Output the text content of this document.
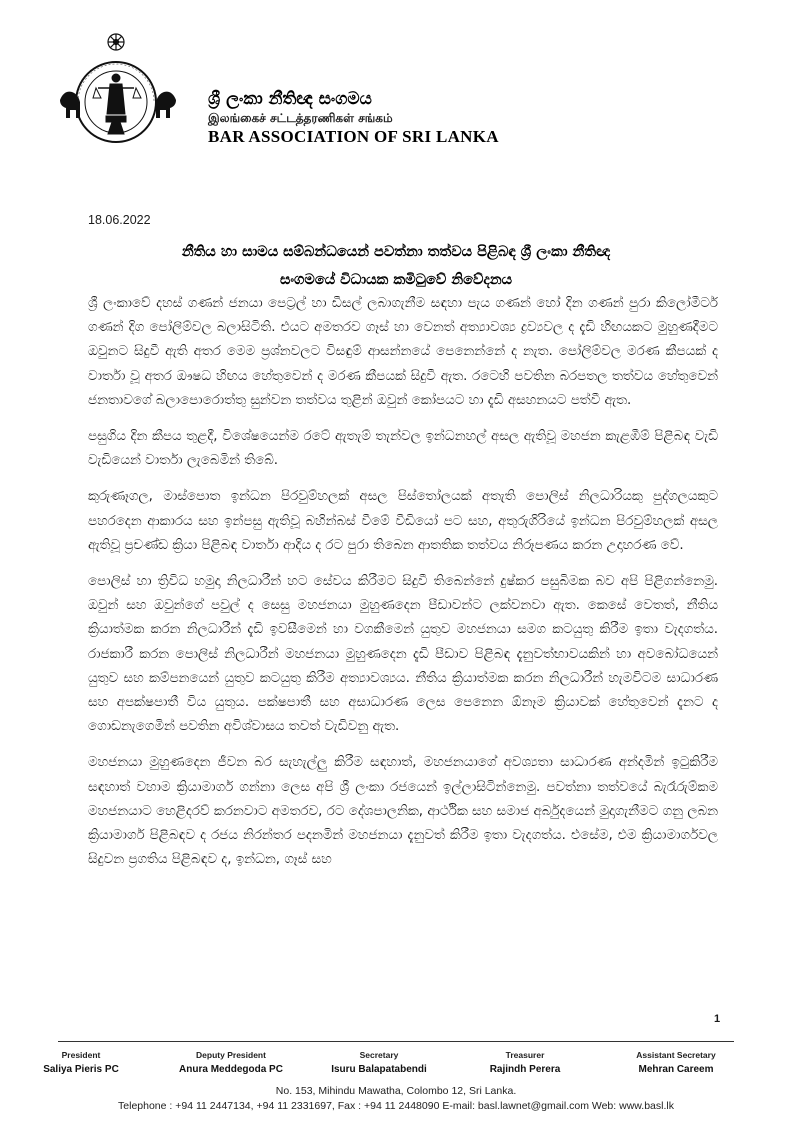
ශ්‍රී ලංකා නීතිඥ සංගමය
இலங்கைச் சட்டத்தரணிகள் சங்கம்
BAR ASSOCIATION OF SRI LANKA
18.06.2022
නීතිය හා සාමය සම්බන්ධයෙන් පවත්නා තත්වය පිළිබඳ ශ්‍රී ලංකා නීතිඥ
සංගමයේ විධායක කමිටුවේ නිවේදනය

ශ්‍රී ලංකාවේ දහස් ගණන් ජනයා පෙට්‍රල් හා ඩීසල් ලබාගැනීම සඳහා පැය ගණන් හෝ දින ගණන් පුරා කිලෝමීටර් ගණන් දිග පෝලිම්වල බලාසිටිති. එයට අමතරව ගෑස් හා වෙනත් අත්‍යාවශ්‍ය ද්‍රව්‍යවල ද දැඩි හිඟයකට මුහුණදීමට ඔවුනට සිදුවී ඇති අතර මෙම ප්‍රශ්නවලට විසඳුම් ආසන්නයේ පෙනෙන්නේ ද නැත. පෝලිම්වල මරණ කීපයක් ද වාර්තා වූ අතර ඖෂධ හිඟය හේතුවෙන් ද මරණ කීපයක් සිදුවී ඇත. රටෙහි පවතින බරපතල තත්වය හේතුවෙන් ජනතාවගේ බලාපොරොත්තු සුන්වන තත්වය තුළින් ඔවුන් කෝපයට හා දැඩි අසහනයට පත්වී ඇත.

පසුගිය දින කීපය තුළදී, විශේෂයෙන්ම රටේ ඇතැම් තැන්වල ඉන්ධනහල් අසල ඇතිවූ මහජන කැළඹීම් පිළිබඳ වැඩි වැඩියෙන් වාර්තා ලැබෙමින් තිබේ.

කුරුණෑගල, මාස්පොත ඉන්ධන පිරවුම්හලක් අසල පිස්තෝලයක් අතැති පොලිස් නිලධාරියකු පුද්ගලයකුට පහරදෙන ආකාරය සහ ඉන්පසු ඇතිවූ බහින්බස් වීමේ වීඩියෝ පට සහ, අතුරුගිරියේ ඉන්ධන පිරවුම්හලක් අසල ඇතිවූ ප්‍රචණ්ඩ ක්‍රියා පිළිබඳ වාර්තා ආදිය ද රට පුරා තිබෙන ආතතික තත්වය නිරූපණය කරන උදාහරණ වේ.

පොලිස් හා ත්‍රිවිධ හමුදා නිලධාරීන් හට සේවය කිරීමට සිදුවී තිබෙන්නේ දුෂ්කර පසුබිමක බව අපි පිළිගන්නෙමු. ඔවුන් සහ ඔවුන්ගේ පවුල් ද සෙසු මහජනයා මුහුණදෙන පීඩාවන්ට ලක්වනවා ඇත. කෙසේ වෙතත්, නීතිය ක්‍රියාත්මක කරන නිලධාරීන් දැඩි ඉවසීමෙන් හා වගකීමෙන් යුතුව මහජනයා සමග කටයුතු කිරීම ඉතා වැදගත්ය. රාජකාරී කරන පොලිස් නිලධාරීන් මහජනයා මුහුණදෙන දැඩි පීඩාව පිළිබඳ දැනුවත්භාවයකින් හා අවබෝධයෙන් යුතුව සහ කම්පනයෙන් යුතුව කටයුතු කිරීම අත්‍යාවශ්‍යය. නීතිය ක්‍රියාත්මක කරන නිලධාරීන් හැමවිටම සාධාරණ සහ අපක්ෂපාතී විය යුතුය. පක්ෂපාතී සහ අසාධාරණ ලෙස පෙනෙන ඕනෑම ක්‍රියාවක් හේතුවෙන් දැනට ද ගොඩනැගෙමින් පවතින අවිශ්වාසය තවත් වැඩිවනු ඇත.

මහජනයා මුහුණදෙන ජීවන බර සැහැල්ලු කිරීම සඳහාත්, මහජනයාගේ අවශ්‍යතා සාධාරණ අන්දමින් ඉටුකිරීම සඳහාත් වහාම ක්‍රියාමාර්ග ගන්නා ලෙස අපි ශ්‍රී ලංකා රජයෙන් ඉල්ලාසිටින්නෙමු. පවත්නා තත්වයේ බැරෑරුම්කම මහජනයාට හෙළිදරව් කරනවාට අමතරව, රට දේශපාලනික, ආර්ථික සහ සමාජ අර්බුදයෙන් මුදාගැනීමට ගනු ලබන ක්‍රියාමාර්ග පිළිබඳව ද රජය නිරන්තර පදනමින් මහජනයා දැනුවත් කිරීම ඉතා වැදගත්ය. එසේම, එම ක්‍රියාමාර්ගවල සිදුවන ප්‍රගතිය පිළිබඳව ද, ඉන්ධන, ගෑස් සහ

1
President
Saliya Pieris PC
Deputy President
Anura Meddegoda PC
Secretary
Isuru Balapatabendi
Treasurer
Rajindh Perera
Assistant Secretary
Mehran Careem
No. 153, Mihindu Mawatha, Colombo 12, Sri Lanka.
Telephone : +94 11 2447134, +94 11 2331697, Fax : +94 11 2448090 E-mail: basl.lawnet@gmail.com Web: www.basl.lk
